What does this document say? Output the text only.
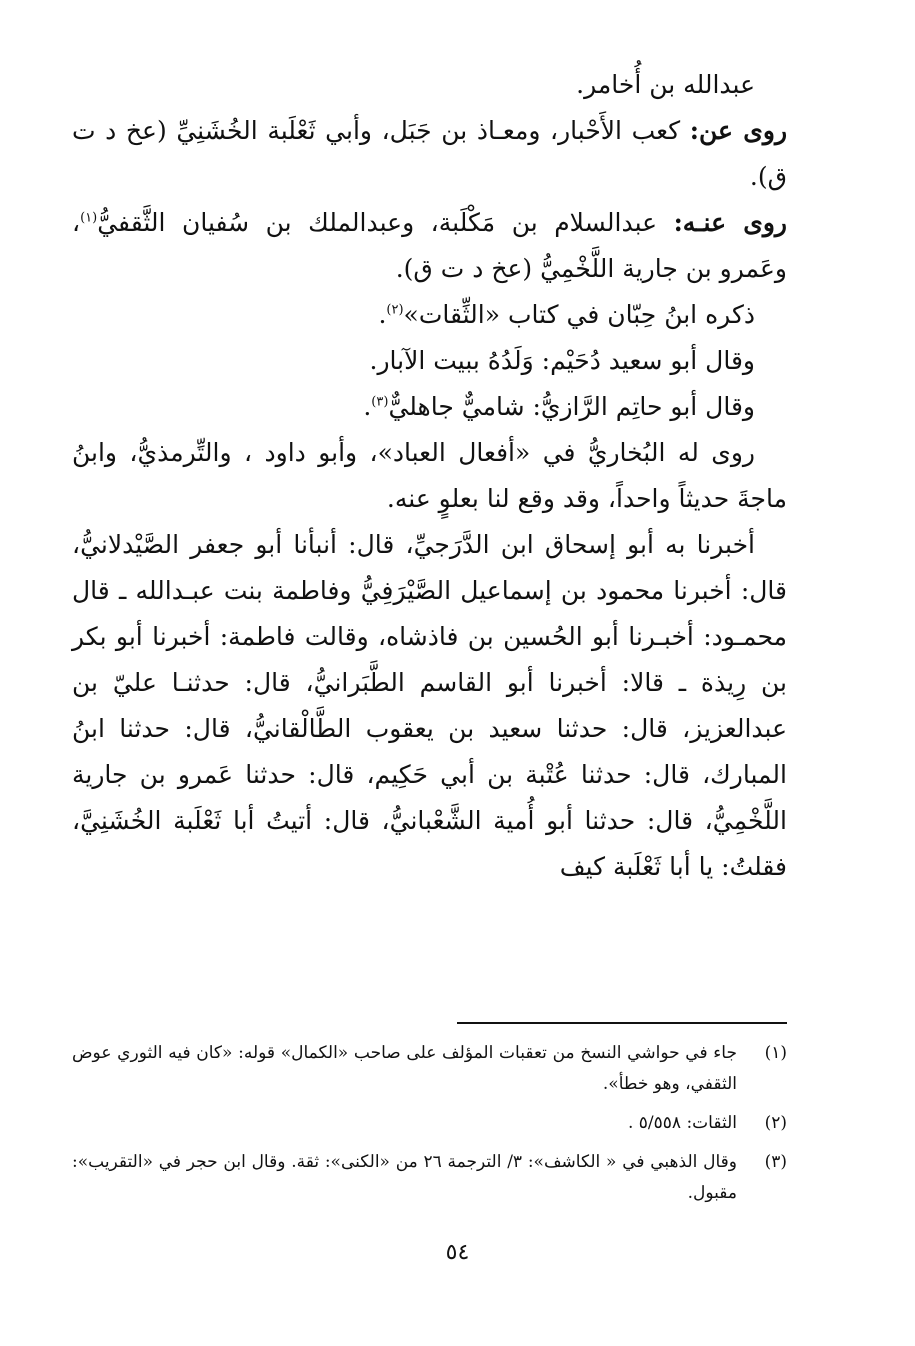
عبدالله بن أُخامر.

روى عن: كعب الأَحْبار، ومعـاذ بن جَبَل، وأبي ثَعْلَبة الخُشَنِيِّ (عخ د ت ق).

روى عنـه: عبدالسلام بن مَكْلَبة، وعبدالملك بن سُفيان الثَّقفيُّ$^{(١)}$، وعَمرو بن جارية اللَّخْمِيُّ (عخ د ت ق).

ذكره ابنُ حِبّان في كتاب «الثِّقات»$^{(٢)}$.

وقال أبو سعيد دُحَيْم: وَلَدُهُ ببيت الآبار.

وقال أبو حاتِم الرَّازيُّ: شاميٌّ جاهليٌّ$^{(٣)}$.

روى له البُخاريُّ في «أفعال العباد»، وأبو داود ، والتِّرمذيُّ، وابنُ ماجةَ حديثاً واحداً، وقد وقع لنا بعلوٍ عنه.

أخبرنا به أبو إسحاق ابن الدَّرَجيِّ، قال: أنبأنا أبو جعفر الصَّيْدلانيُّ، قال: أخبرنا محمود بن إسماعيل الصَّيْرَفِيُّ وفاطمة بنت عبـدالله ـ قال محمـود: أخبـرنا أبو الحُسين بن فاذشاه، وقالت فاطمة: أخبرنا أبو بكر بن رِيذة ـ قالا: أخبرنا أبو القاسم الطَّبَرانيُّ، قال: حدثنـا عليّ بن عبدالعزيز، قال: حدثنا سعيد بن يعقوب الطَّالْقانيُّ، قال: حدثنا ابنُ المبارك، قال: حدثنا عُتْبة بن أبي حَكِيم، قال: حدثنا عَمرو بن جارية اللَّخْمِيُّ، قال: حدثنا أبو أُمية الشَّعْبانيُّ، قال: أتيتُ أبا ثَعْلَبة الخُشَنِيَّ، فقلتُ: يا أبا ثَعْلَبة كيف

(١)
جاء في حواشي النسخ من تعقبات المؤلف على صاحب «الكمال» قوله: «كان فيه الثوري عوض الثقفي، وهو خطأ».
(٢)
الثقات: ٥/٥٥٨ .
(٣)
وقال الذهبي في « الكاشف»: ٣/ الترجمة ٢٦ من «الكنى»: ثقة. وقال ابن حجر في «التقريب»: مقبول.
٥٤
